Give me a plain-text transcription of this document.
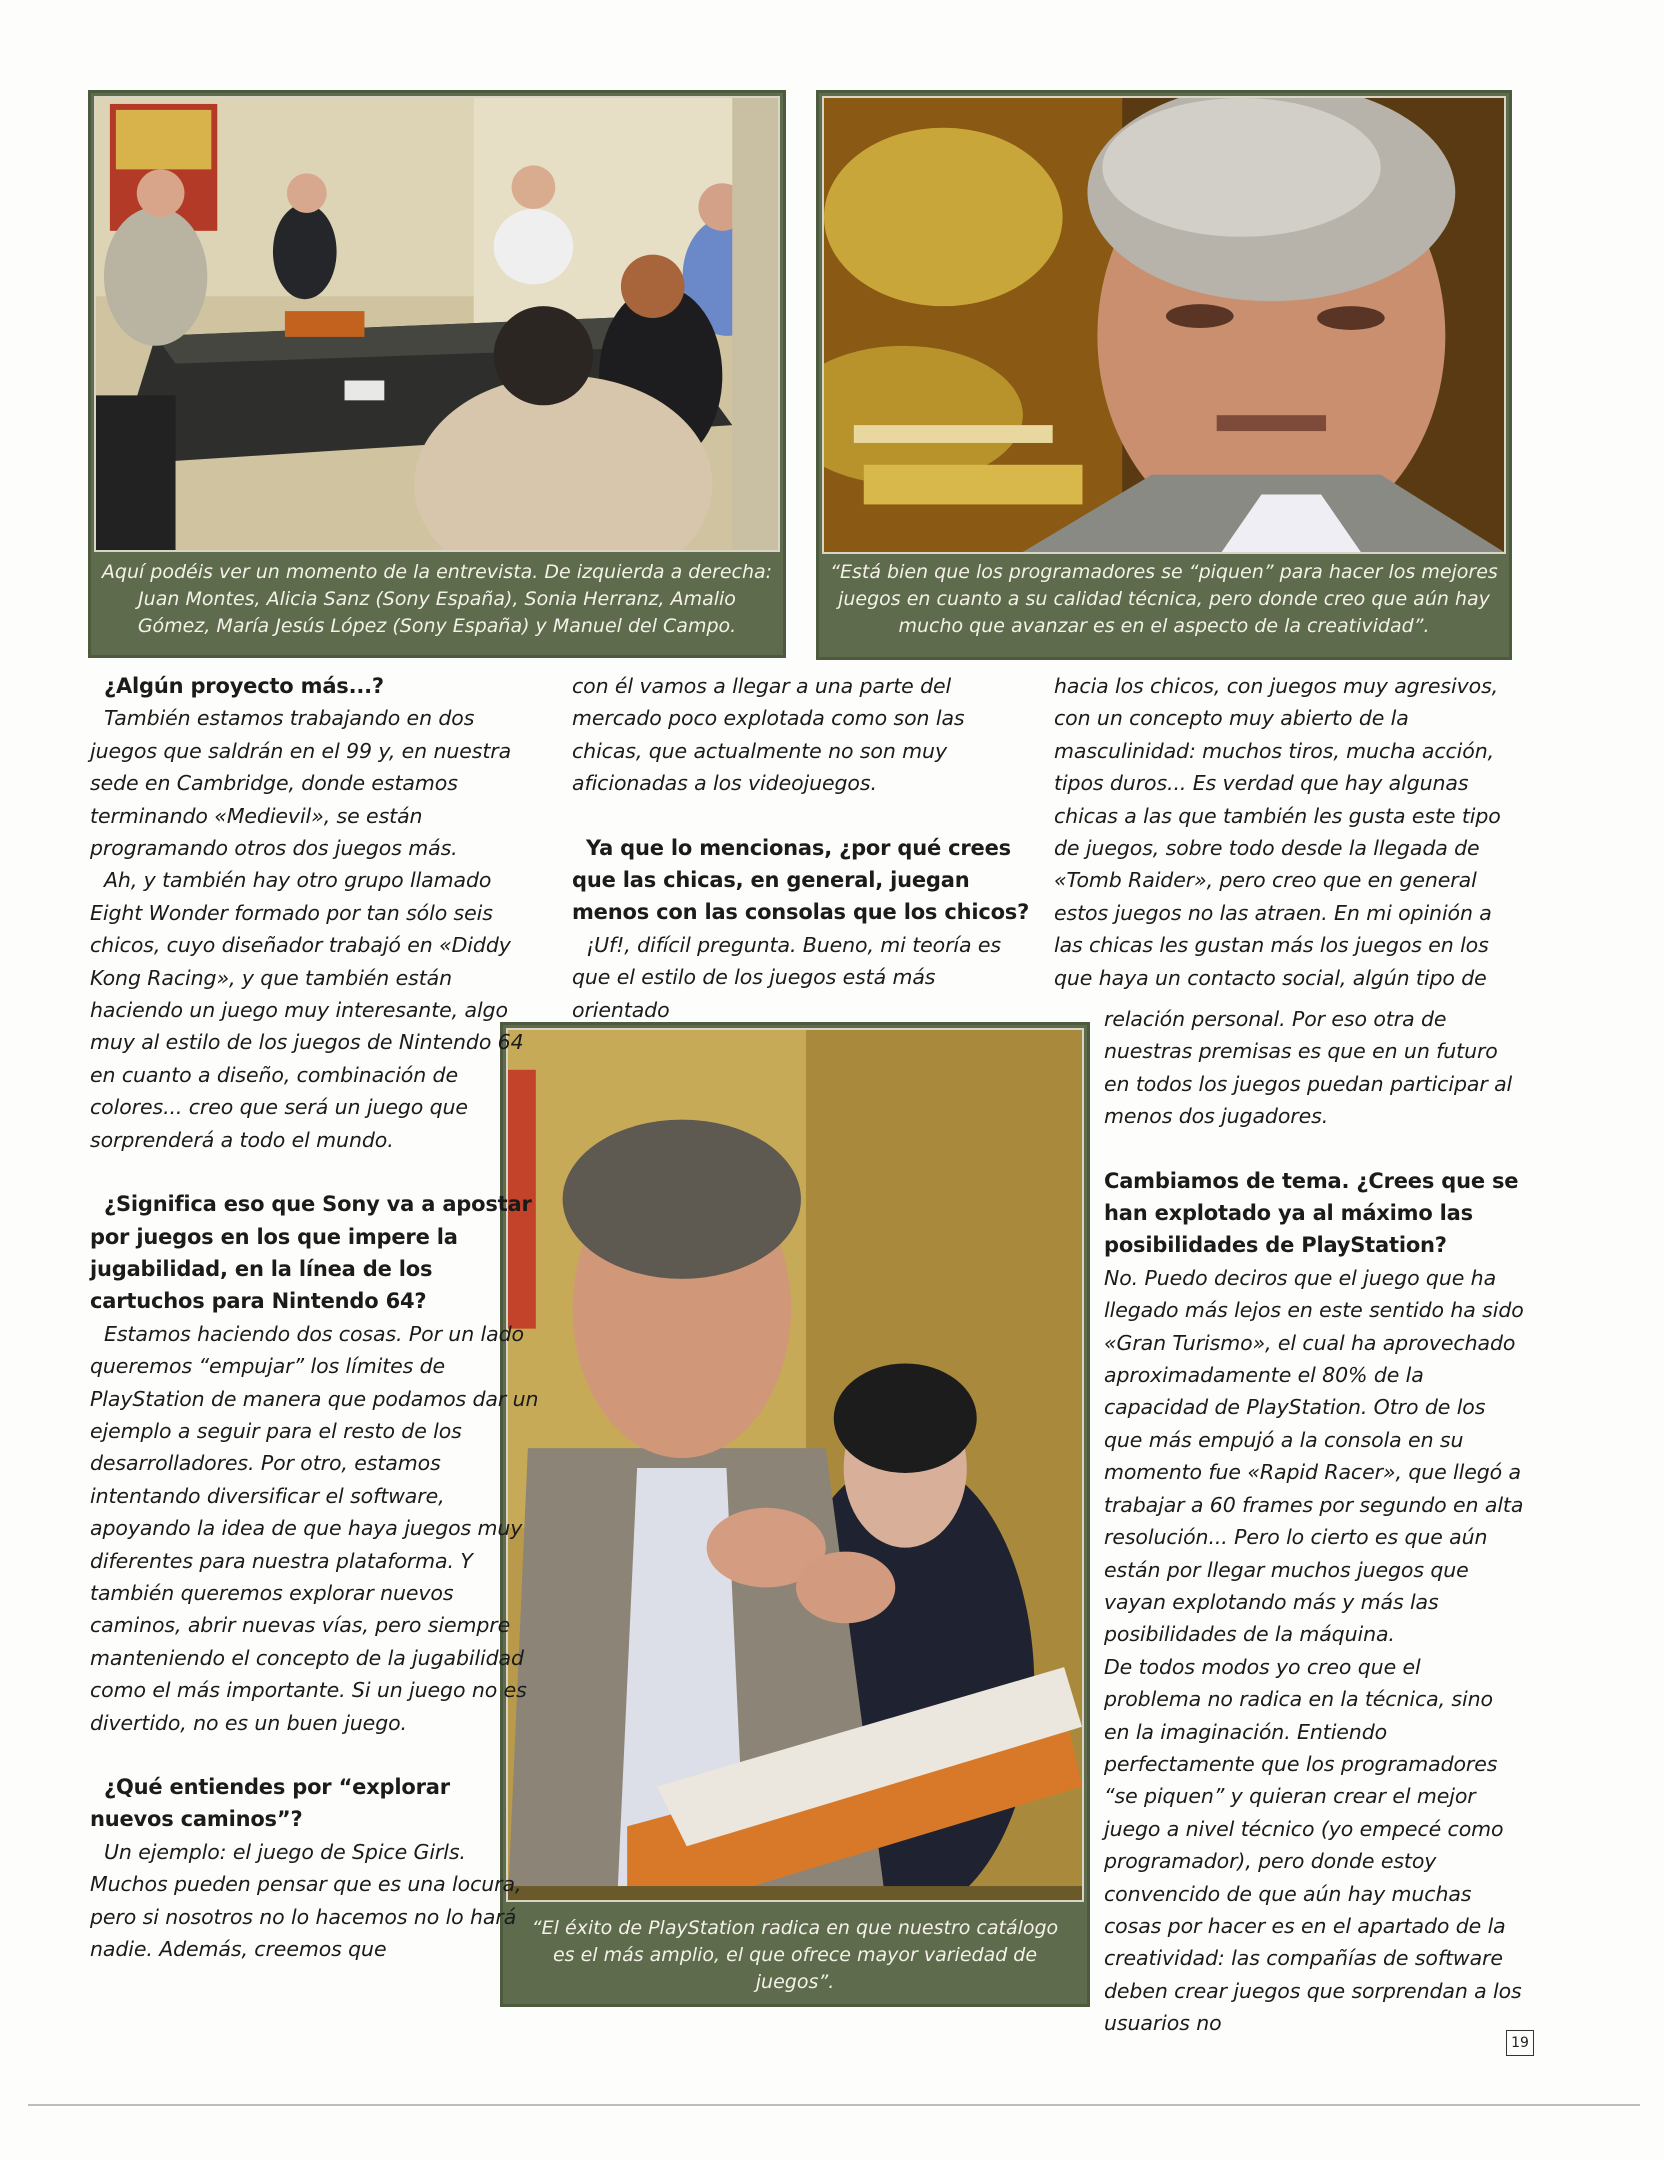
Aquí podéis ver un momento de la entrevista. De izquierda a derecha: Juan Montes, Alicia Sanz (Sony España), Sonia Herranz, Amalio Gómez, María Jesús López (Sony España) y Manuel del Campo.
“Está bien que los programadores se “piquen” para hacer los mejores juegos en cuanto a su calidad técnica, pero donde creo que aún hay mucho que avanzar es en el aspecto de la creatividad”.
“El éxito de PlayStation radica en que nuestro catálogo es el más amplio, el que ofrece mayor variedad de juegos”.

¿Algún proyecto más...?

También estamos trabajando en dos juegos que saldrán en el 99 y, en nuestra sede en Cambridge, donde estamos terminando «Medievil», se están programando otros dos juegos más.

Ah, y también hay otro grupo llamado Eight Wonder formado por tan sólo seis chicos, cuyo diseñador trabajó en «Diddy Kong Racing», y que también están haciendo un juego muy interesante, algo muy al estilo de los juegos de Nintendo 64 en cuanto a diseño, combinación de colores... creo que será un juego que sorprenderá a todo el mundo.

¿Significa eso que Sony va a apostar por juegos en los que impere la jugabilidad, en la línea de los cartuchos para Nintendo 64?

Estamos haciendo dos cosas. Por un lado queremos “empujar” los límites de PlayStation de manera que podamos dar un ejemplo a seguir para el resto de los desarrolladores. Por otro, estamos intentando diversificar el software, apoyando la idea de que haya juegos muy diferentes para nuestra plataforma. Y también queremos explorar nuevos caminos, abrir nuevas vías, pero siempre manteniendo el concepto de la jugabilidad como el más importante. Si un juego no es divertido, no es un buen juego.

¿Qué entiendes por “explorar nuevos caminos”?

Un ejemplo: el juego de Spice Girls. Muchos pueden pensar que es una locura, pero si nosotros no lo hacemos no lo hará nadie. Además, creemos que

con él vamos a llegar a una parte del mercado poco explotada como son las chicas, que actualmente no son muy aficionadas a los videojuegos.

Ya que lo mencionas, ¿por qué crees que las chicas, en general, juegan menos con las consolas que los chicos?

¡Uf!, difícil pregunta. Bueno, mi teoría es que el estilo de los juegos está más orientado

hacia los chicos, con juegos muy agresivos, con un concepto muy abierto de la masculinidad: muchos tiros, mucha acción, tipos duros... Es verdad que hay algunas chicas a las que también les gusta este tipo de juegos, sobre todo desde la llegada de «Tomb Raider», pero creo que en general estos juegos no las atraen. En mi opinión a las chicas les gustan más los juegos en los que haya un contacto social, algún tipo de

relación personal. Por eso otra de nuestras premisas es que en un futuro en todos los juegos puedan participar al menos dos jugadores.

Cambiamos de tema. ¿Crees que se han explotado ya al máximo las posibilidades de PlayStation?

No. Puedo deciros que el juego que ha llegado más lejos en este sentido ha sido «Gran Turismo», el cual ha aprovechado aproximadamente el 80% de la capacidad de PlayStation. Otro de los que más empujó a la consola en su momento fue «Rapid Racer», que llegó a trabajar a 60 frames por segundo en alta resolución... Pero lo cierto es que aún están por llegar muchos juegos que vayan explotando más y más las posibilidades de la máquina.

De todos modos yo creo que el problema no radica en la técnica, sino en la imaginación. Entiendo perfectamente que los programadores “se piquen” y quieran crear el mejor juego a nivel técnico (yo empecé como programador), pero donde estoy convencido de que aún hay muchas cosas por hacer es en el apartado de la creatividad: las compañías de software deben crear juegos que sorprendan a los usuarios no

19
